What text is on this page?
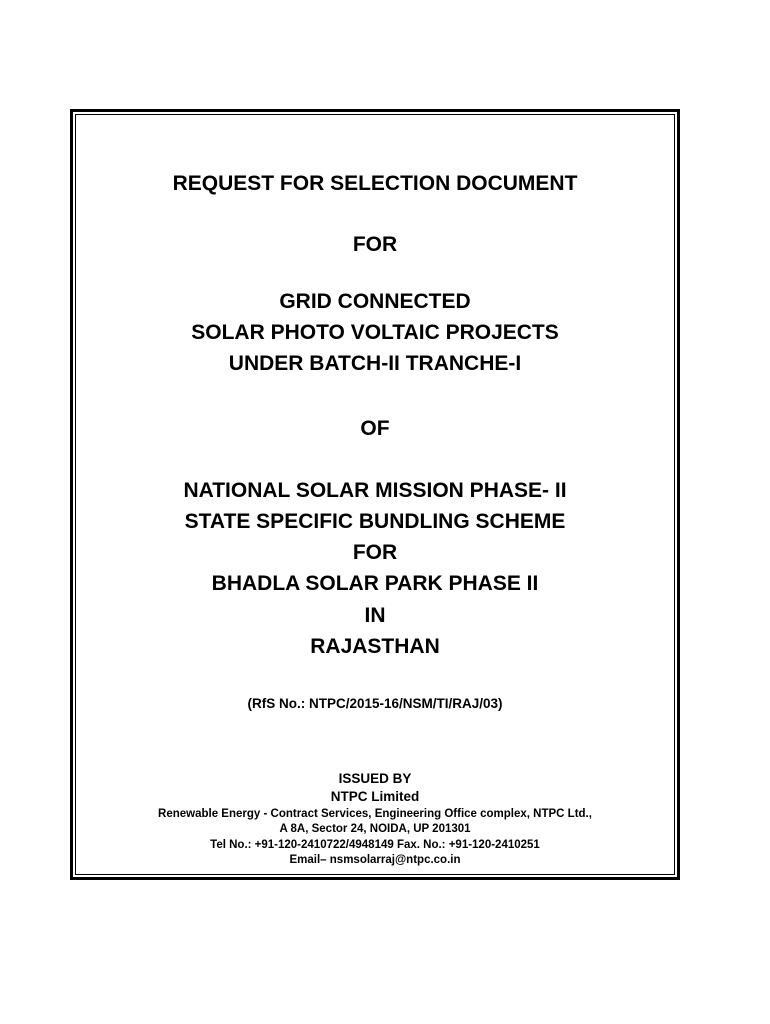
REQUEST FOR SELECTION DOCUMENT
FOR
GRID CONNECTED
SOLAR PHOTO VOLTAIC PROJECTS
UNDER BATCH-II TRANCHE-I
OF
NATIONAL SOLAR MISSION PHASE- II
STATE SPECIFIC BUNDLING SCHEME
FOR
BHADLA SOLAR PARK PHASE II
IN
RAJASTHAN
(RfS No.: NTPC/2015-16/NSM/TI/RAJ/03)
ISSUED BY
NTPC Limited
Renewable Energy - Contract Services, Engineering Office complex, NTPC Ltd.,
A 8A, Sector 24, NOIDA, UP 201301
Tel No.: +91-120-2410722/4948149 Fax. No.: +91-120-2410251
Email– nsmsolarraj@ntpc.co.in
